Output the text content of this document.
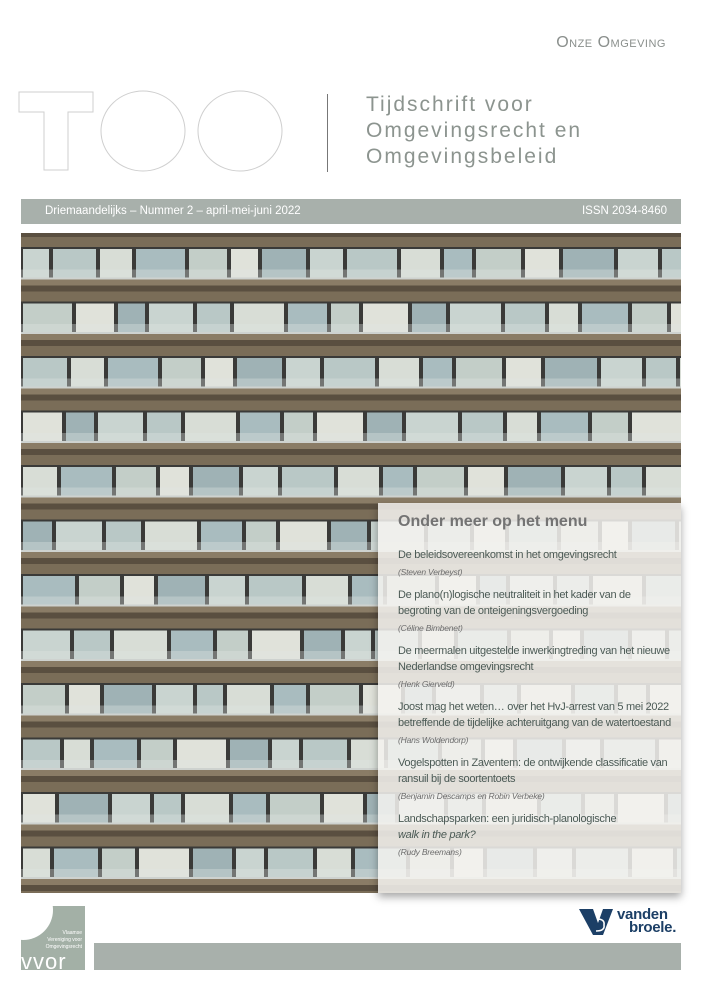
Onze Omgeving
Tijdschrift voor
Omgevingsrecht en
Omgevingsbeleid
Driemaandelijks – Nummer 2 – april-mei-juni 2022	ISSN 2034-8460
Onder meer op het menu
De beleidsovereenkomst in het omgevingsrecht
(Steven Verbeyst)
De plano(n)logische neutraliteit in het kader van de begroting van de onteigeningsvergoeding
(Céline Bimbenet)
De meermalen uitgestelde inwerkingtreding van het nieuwe Nederlandse omgevingsrecht
(Henk Gierveld)
Joost mag het weten… over het HvJ-arrest van 5 mei 2022 betreffende de tijdelijke achteruitgang van de watertoestand
(Hans Woldendorp)
Vogelspotten in Zaventem: de ontwijkende classificatie van ransuil bij de soortentoets
(Benjamin Descamps en Robin Verbeke)
Landschapsparken: een juridisch-planologische
walk in the park?
(Rudy Breemans)
Vlaamse
Vereniging voor
Omgevingsrecht
vvor
vanden
broele.
